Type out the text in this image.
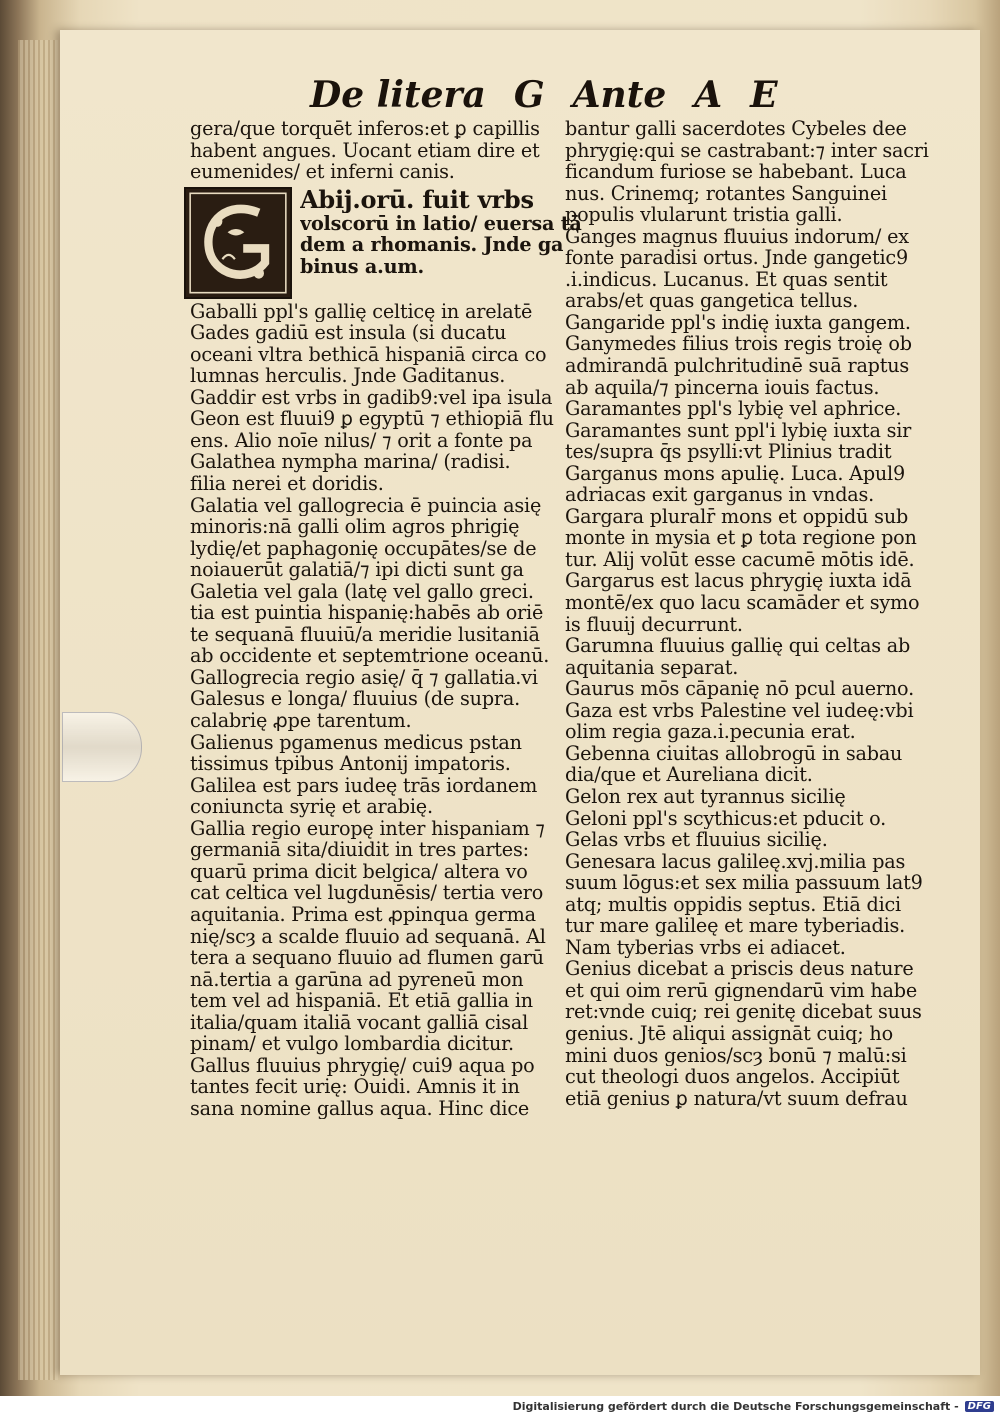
De litera G Ante A E
gera/que torquēt inferos:et ꝑ capillis
habent angues. Uocant̄ etiam dire et
eumenides/ et inferni canis.
Abij.orū. fuit vrbs
volscorū in latio/ euersa tā
dem a rhomanis. Jnde ga
binus a.um.
Gaballi ppl's gallię celticę in arelatē
Gades gadiū est insula (si ducatu
oceani vltra bethicā hispaniā circa co
lumnas herculis. Jnde Gaditanus.
Gaddir est vrbs in gadib9:vel ipa isula
Geon est fluui9 ꝑ egyptū ⁊ ethiopiā flu
ens. Alio noīe nilus/ ⁊ orit̄ a fonte pa
Galathea nympha marina/ (radisi.
filia nerei et doridis.
Galatia vel gallogrecia ē puincia asię
minoris:nā galli olim agros phrigię
lydię/et paphagonię occupātes/se de
noiauerūt galatiā/⁊ ipi dicti sunt ga
Galetia vel gala (latę vel gallo greci.
tia est puintia hispanię:habēs ab oriē
te sequanā fluuiū/a meridie lusitaniā
ab occidente et septemtrione oceanū.
Gallogrecia regio asię/ q̄ ⁊ gallatia.vi
Galesus e longa/ fluuius (de supra.
calabrię ꝓpe tarentum.
Galienus pgamenus medicus pstan
tissimus tpibus Antonij impatoris.
Galilea est pars iudeę trās iordanem
coniuncta syrię et arabię.
Gallia regio europę inter hispaniam ⁊
germaniā sita/diuidit̄ in tres partes:
quarū prima dicit̄ belgica/ altera vo
cat̄ celtica vel lugdunēsis/ tertia vero
aquitania. Prima est ꝓpinqua germa
nię/scȝ a scalde fluuio ad sequanā. Al
tera a sequano fluuio ad flumen garū
nā.tertia a garūna ad pyreneū mon
tem vel ad hispaniā. Et etiā gallia in
italia/quam italiā vocant galliā cisal
pinam/ et vulgo lombardia dicitur.
Gallus fluuius phrygię/ cui9 aqua po
tantes fecit̄ urię: Ouidi. Amnis it in
sana nomine gallus aqua. Hinc dice
bantur galli sacerdotes Cybeles dee
phrygię:qui se castrabant:⁊ inter sacri
ficandum furiose se habebant. Luca
nus. Crinemq; rotantes Sanguinei
populis vlularunt tristia galli.
Ganges magnus fluuius indorum/ ex
fonte paradisi ortus. Jnde gangetic9
.i.indicus. Lucanus. Et quas sentit
arabs/et quas gangetica tellus.
Gangaride ppl's indię iuxta gangem.
Ganymedes filius trois regis troię ob
admirandā pulchritudinē suā raptus
ab aquila/⁊ pincerna iouis factus.
Garamantes ppl's lybię vel aphrice.
Garamantes sunt ppl'i lybię iuxta sir
tes/supra q̄s psylli:vt Plinius tradit
Garganus mons apulię. Luca. Apul9
adriacas exit garganus in vndas.
Gargara pluralr̄ mons et oppidū sub
monte in mysia et ꝑ tota regione pon
tur. Alij volūt esse cacumē mōtis idē.
Gargarus est lacus phrygię iuxta idā
montē/ex quo lacu scamāder et symo
is fluuij decurrunt.
Garumna fluuius gallię qui celtas ab
aquitania separat.
Gaurus mōs cāpanię nō pcul auerno.
Gaza est vrbs Palestine vel iudeę:vbi
olim regia gaza.i.pecunia erat.
Gebenna ciuitas allobrogū in sabau
dia/que et Aureliana dicit̄.
Gelon rex aut tyrannus sicilię
Geloni ppl's scythicus:et pducit̄ o.
Gelas vrbs et fluuius sicilię.
Genesara lacus galileę.xvj.milia pas
suum lōgus:et sex milia passuum lat9
atq; multis oppidis septus. Etiā dici
tur mare galileę et mare tyberiadis.
Nam tyberias vrbs ei adiacet.
Genius dicebat̄ a priscis deus nature
et qui oim rerū gignendarū vim habe
ret:vnde cuiq; rei genitę dicebat̄ suus
genius. Jtē aliqui assignāt cuiq; ho
mini duos genios/scȝ bonū ⁊ malū:si
cut theologi duos angelos. Accipiūt
etiā genius ꝑ natura/vt suum defrau
Digitalisierung gefördert durch die Deutsche Forschungsgemeinschaft - DFG
